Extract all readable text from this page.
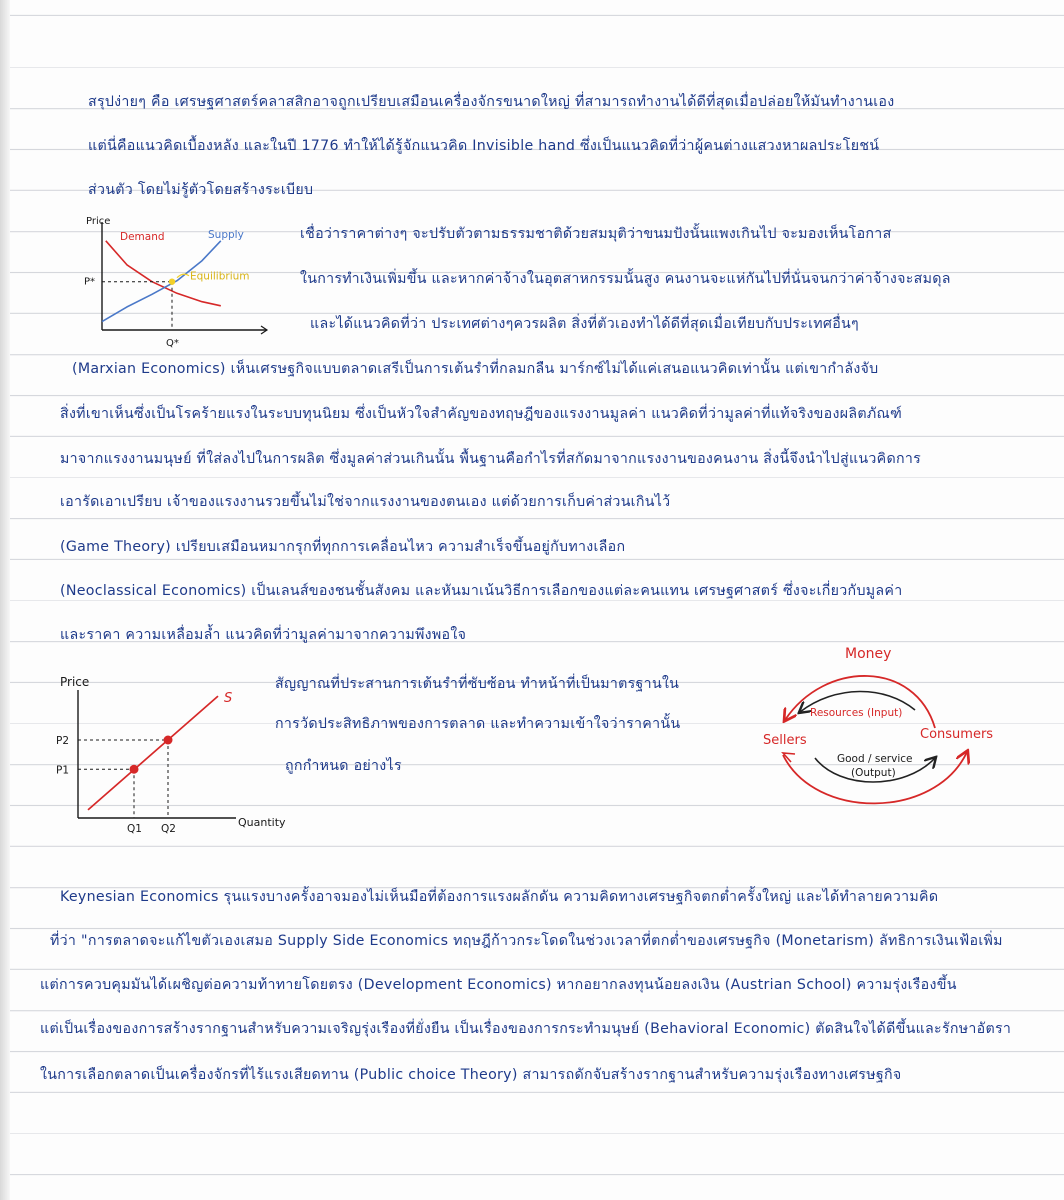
สรุปง่ายๆ คือ เศรษฐศาสตร์คลาสสิกอาจถูกเปรียบเสมือนเครื่องจักรขนาดใหญ่ ที่สามารถทำงานได้ดีที่สุดเมื่อปล่อยให้มันทำงานเอง
แต่นี่คือแนวคิดเบื้องหลัง และในปี 1776 ทำให้ได้รู้จักแนวคิด Invisible hand ซึ่งเป็นแนวคิดที่ว่าผู้คนต่างแสวงหาผลประโยชน์
ส่วนตัว โดยไม่รู้ตัวโดยสร้างระเบียบ
Price
Demand	Supply
Equilibrium
P*
Q*
เชื่อว่าราคาต่างๆ จะปรับตัวตามธรรมชาติด้วยสมมุติว่าขนมปังนั้นแพงเกินไป จะมองเห็นโอกาส
ในการทำเงินเพิ่มขึ้น และหากค่าจ้างในอุตสาหกรรมนั้นสูง คนงานจะแห่กันไปที่นั่นจนกว่าค่าจ้างจะสมดุล
และได้แนวคิดที่ว่า ประเทศต่างๆควรผลิต สิ่งที่ตัวเองทำได้ดีที่สุดเมื่อเทียบกับประเทศอื่นๆ
(Marxian Economics) เห็นเศรษฐกิจแบบตลาดเสรีเป็นการเต้นรำที่กลมกลืน มาร์กซ์ไม่ได้แค่เสนอแนวคิดเท่านั้น แต่เขากำลังจับ
สิ่งที่เขาเห็นซึ่งเป็นโรคร้ายแรงในระบบทุนนิยม ซึ่งเป็นหัวใจสำคัญของทฤษฎีของแรงงานมูลค่า แนวคิดที่ว่ามูลค่าที่แท้จริงของผลิตภัณฑ์
มาจากแรงงานมนุษย์ ที่ใส่ลงไปในการผลิต ซึ่งมูลค่าส่วนเกินนั้น พื้นฐานคือกำไรที่สกัดมาจากแรงงานของคนงาน สิ่งนี้จึงนำไปสู่แนวคิดการ
เอารัดเอาเปรียบ เจ้าของแรงงานรวยขึ้นไม่ใช่จากแรงงานของตนเอง แต่ด้วยการเก็บค่าส่วนเกินไว้
(Game Theory) เปรียบเสมือนหมากรุกที่ทุกการเคลื่อนไหว ความสำเร็จขึ้นอยู่กับทางเลือก
(Neoclassical Economics) เป็นเลนส์ของชนชั้นสังคม และหันมาเน้นวิธีการเลือกของแต่ละคนแทน เศรษฐศาสตร์ ซึ่งจะเกี่ยวกับมูลค่า
และราคา ความเหลื่อมล้ำ แนวคิดที่ว่ามูลค่ามาจากความพึงพอใจ
Price
Quantity
S
P1
P2
Q1 Q2
สัญญาณที่ประสานการเต้นรำที่ซับซ้อน ทำหน้าที่เป็นมาตรฐานใน
การวัดประสิทธิภาพของการตลาด และทำความเข้าใจว่าราคานั้น
ถูกกำหนด อย่างไร
Money
Resources (Input)
Sellers	Consumers
Good / service
(Output)
Keynesian Economics รุนแรงบางครั้งอาจมองไม่เห็นมือที่ต้องการแรงผลักดัน ความคิดทางเศรษฐกิจตกต่ำครั้งใหญ่ และได้ทำลายความคิด
ที่ว่า "การตลาดจะแก้ไขตัวเองเสมอ Supply Side Economics ทฤษฎีก้าวกระโดดในช่วงเวลาที่ตกต่ำของเศรษฐกิจ (Monetarism) ลัทธิการเงินเฟ้อเพิ่ม
แต่การควบคุมมันได้เผชิญต่อความท้าทายโดยตรง (Development Economics) หากอยากลงทุนน้อยลงเงิน (Austrian School) ความรุ่งเรืองขึ้น
แต่เป็นเรื่องของการสร้างรากฐานสำหรับความเจริญรุ่งเรืองที่ยั่งยืน เป็นเรื่องของการกระทำมนุษย์ (Behavioral Economic) ตัดสินใจได้ดีขึ้นและรักษาอัตรา
ในการเลือกตลาดเป็นเครื่องจักรที่ไร้แรงเสียดทาน (Public choice Theory) สามารถดักจับสร้างรากฐานสำหรับความรุ่งเรืองทางเศรษฐกิจ
